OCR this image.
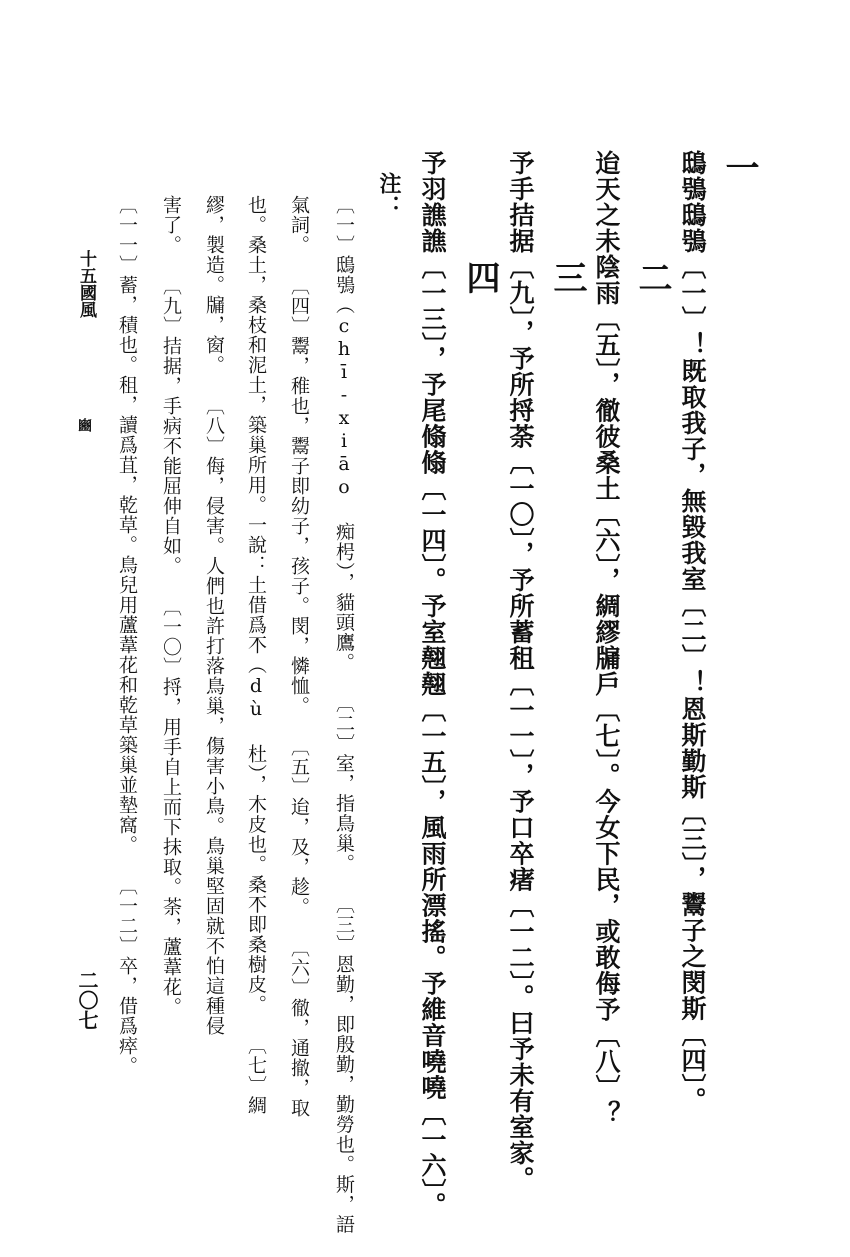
一
鴟鴞鴟鴞〔一〕！既取我子，無毀我室〔二〕！恩斯勤斯〔三〕，鬻子之閔斯〔四〕。
二
迨天之未陰雨〔五〕，徹彼桑土〔六〕，綢繆牖戶〔七〕。今女下民，或敢侮予〔八〕？
三
予手拮据〔九〕，予所捋荼〔一〇〕，予所蓄租〔一一〕，予口卒瘏〔一二〕。曰予未有室家。
四
予羽譙譙〔一三〕，予尾翛翛〔一四〕。予室翹翹〔一五〕，風雨所漂搖。予維音嘵嘵〔一六〕。
注：
〔一〕鴟鴞（chī-xiāo 痴枵），貓頭鷹。　　〔二〕室，指鳥巢。　　〔三〕恩勤，即殷勤，勤勞也。斯，語
氣詞。　　〔四〕鬻，稚也，鬻子即幼子，孩子。閔，憐恤。　　〔五〕迨，及，趁。　　〔六〕徹，通撤，取
也。桑土，桑枝和泥土，築巢所用。一說：土借爲𣎴（dù 杜），木皮也。桑𣎴即桑樹皮。　　〔七〕綢
繆，製造。牖，窗。　　〔八〕侮，侵害。人們也許打落鳥巢，傷害小鳥。鳥巢堅固就不怕這種侵
害了。　　〔九〕拮据，手病不能屈伸自如。　　〔一〇〕捋，用手自上而下抹取。荼，蘆葦花。
〔一一〕蓄，積也。租，讀爲苴，乾草。鳥兒用蘆葦花和乾草築巢並墊窩。　　〔一二〕卒，借爲瘁。
十五國風
豳
二〇七
